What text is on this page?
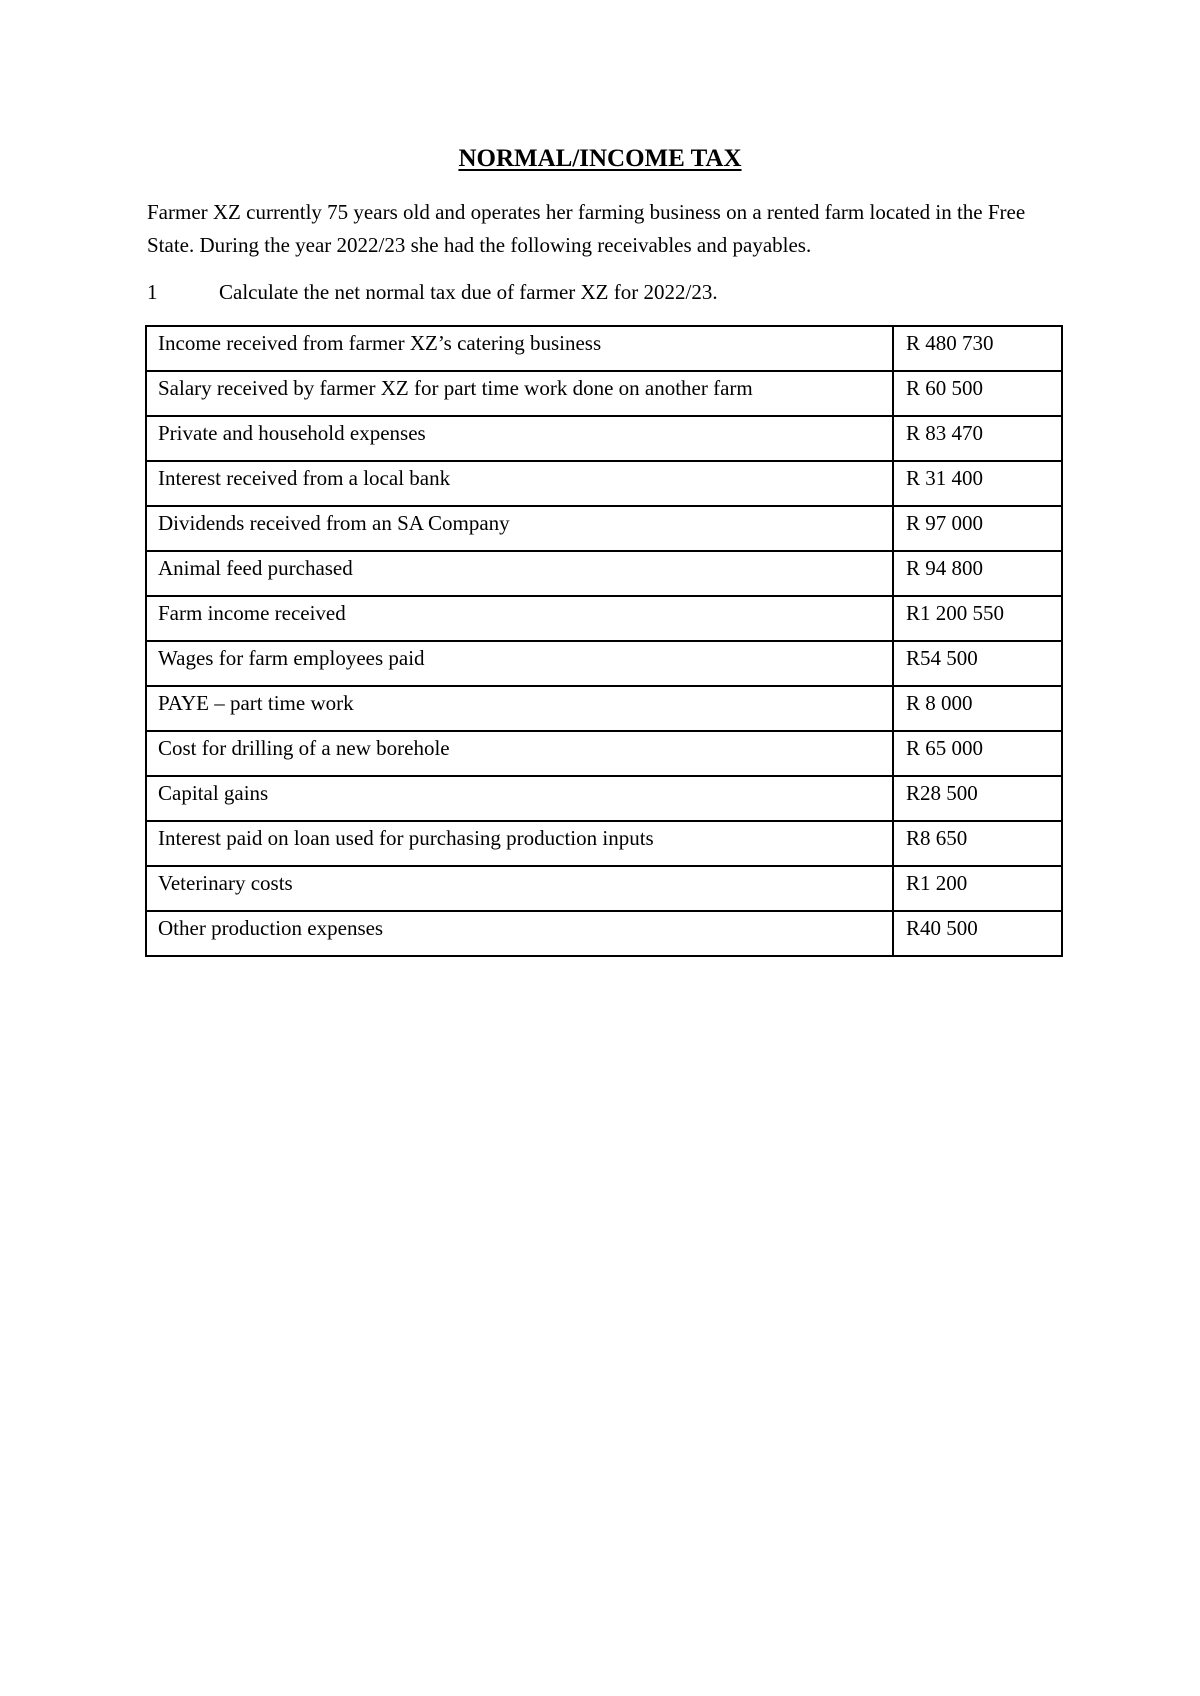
NORMAL/INCOME TAX

Farmer XZ currently 75 years old and operates her farming business on a rented farm located in the Free State. During the year 2022/23 she had the following receivables and payables.

1	Calculate the net normal tax due of farmer XZ for 2022/23.
Income received from farmer XZ’s catering business	R 480 730
Salary received by farmer XZ for part time work done on another farm	R 60 500
Private and household expenses	R 83 470
Interest received from a local bank	R 31 400
Dividends received from an SA Company	R 97 000
Animal feed purchased	R 94 800
Farm income received	R1 200 550
Wages for farm employees paid	R54 500
PAYE – part time work	R 8 000
Cost for drilling of a new borehole	R 65 000
Capital gains	R28 500
Interest paid on loan used for purchasing production inputs	R8 650
Veterinary costs	R1 200
Other production expenses	R40 500
